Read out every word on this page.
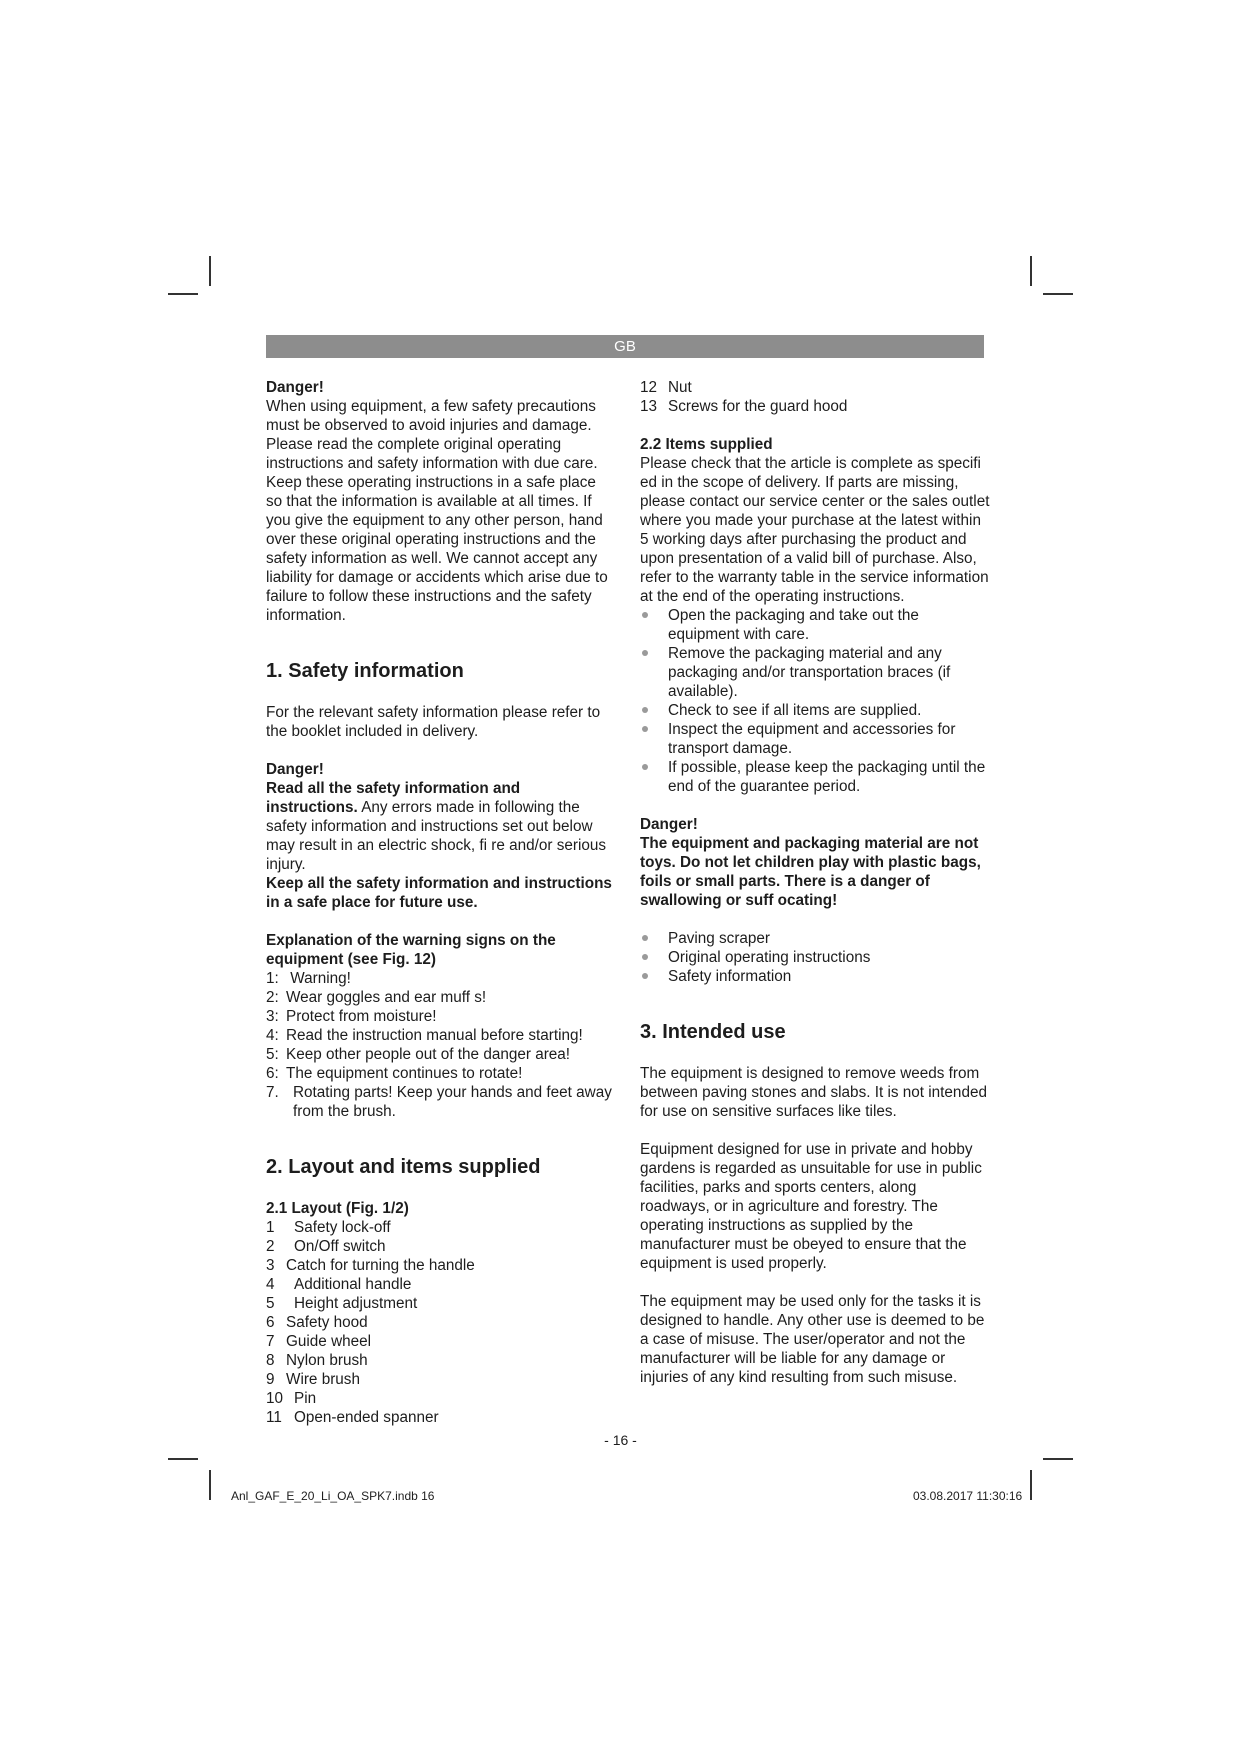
GB

Danger!

When using equipment, a few safety precautions must be observed to avoid injuries and damage. Please read the complete original operating instructions and safety information with due care. Keep these operating instructions in a safe place so that the information is available at all times. If you give the equipment to any other person, hand over these original operating instructions and the safety information as well. We cannot accept any liability for damage or accidents which arise due to failure to follow these instructions and the safety information.

1. Safety information

For the relevant safety information please refer to the booklet included in delivery.

Danger!

Read all the safety information and instructions. Any errors made in following the safety information and instructions set out below may result in an electric shock, fi re and/or serious injury.

Keep all the safety information and instructions in a safe place for future use.

Explanation of the warning signs on the equipment (see Fig. 12)

1: Warning!
2: Wear goggles and ear muff s!
3: Protect from moisture!
4: Read the instruction manual before starting!
5: Keep other people out of the danger area!
6: The equipment continues to rotate!
7. Rotating parts! Keep your hands and feet away from the brush.
2. Layout and items supplied

2.1 Layout (Fig. 1/2)

1 Safety lock-off
2 On/Off switch
3 Catch for turning the handle
4 Additional handle
5 Height adjustment
6 Safety hood
7 Guide wheel
8 Nylon brush
9 Wire brush
10 Pin
11 Open-ended spanner
12 Nut
13 Screws for the guard hood

2.2 Items supplied

Please check that the article is complete as specifi ed in the scope of delivery. If parts are missing, please contact our service center or the sales outlet where you made your purchase at the latest within 5 working days after purchasing the product and upon presentation of a valid bill of purchase. Also, refer to the warranty table in the service information at the end of the operating instructions.

Open the packaging and take out the equipment with care.
Remove the packaging material and any packaging and/or transportation braces (if available).
Check to see if all items are supplied.
Inspect the equipment and accessories for transport damage.
If possible, please keep the packaging until the end of the guarantee period.

Danger!

The equipment and packaging material are not toys. Do not let children play with plastic bags, foils or small parts. There is a danger of swallowing or suff ocating!

Paving scraper
Original operating instructions
Safety information
3. Intended use

The equipment is designed to remove weeds from between paving stones and slabs. It is not intended for use on sensitive surfaces like tiles.

Equipment designed for use in private and hobby gardens is regarded as unsuitable for use in public facilities, parks and sports centers, along roadways, or in agriculture and forestry. The operating instructions as supplied by the manufacturer must be obeyed to ensure that the equipment is used properly.

The equipment may be used only for the tasks it is designed to handle. Any other use is deemed to be a case of misuse. The user/operator and not the manufacturer will be liable for any damage or injuries of any kind resulting from such misuse.

- 16 -
Anl_GAF_E_20_Li_OA_SPK7.indb 16	03.08.2017 11:30:16
